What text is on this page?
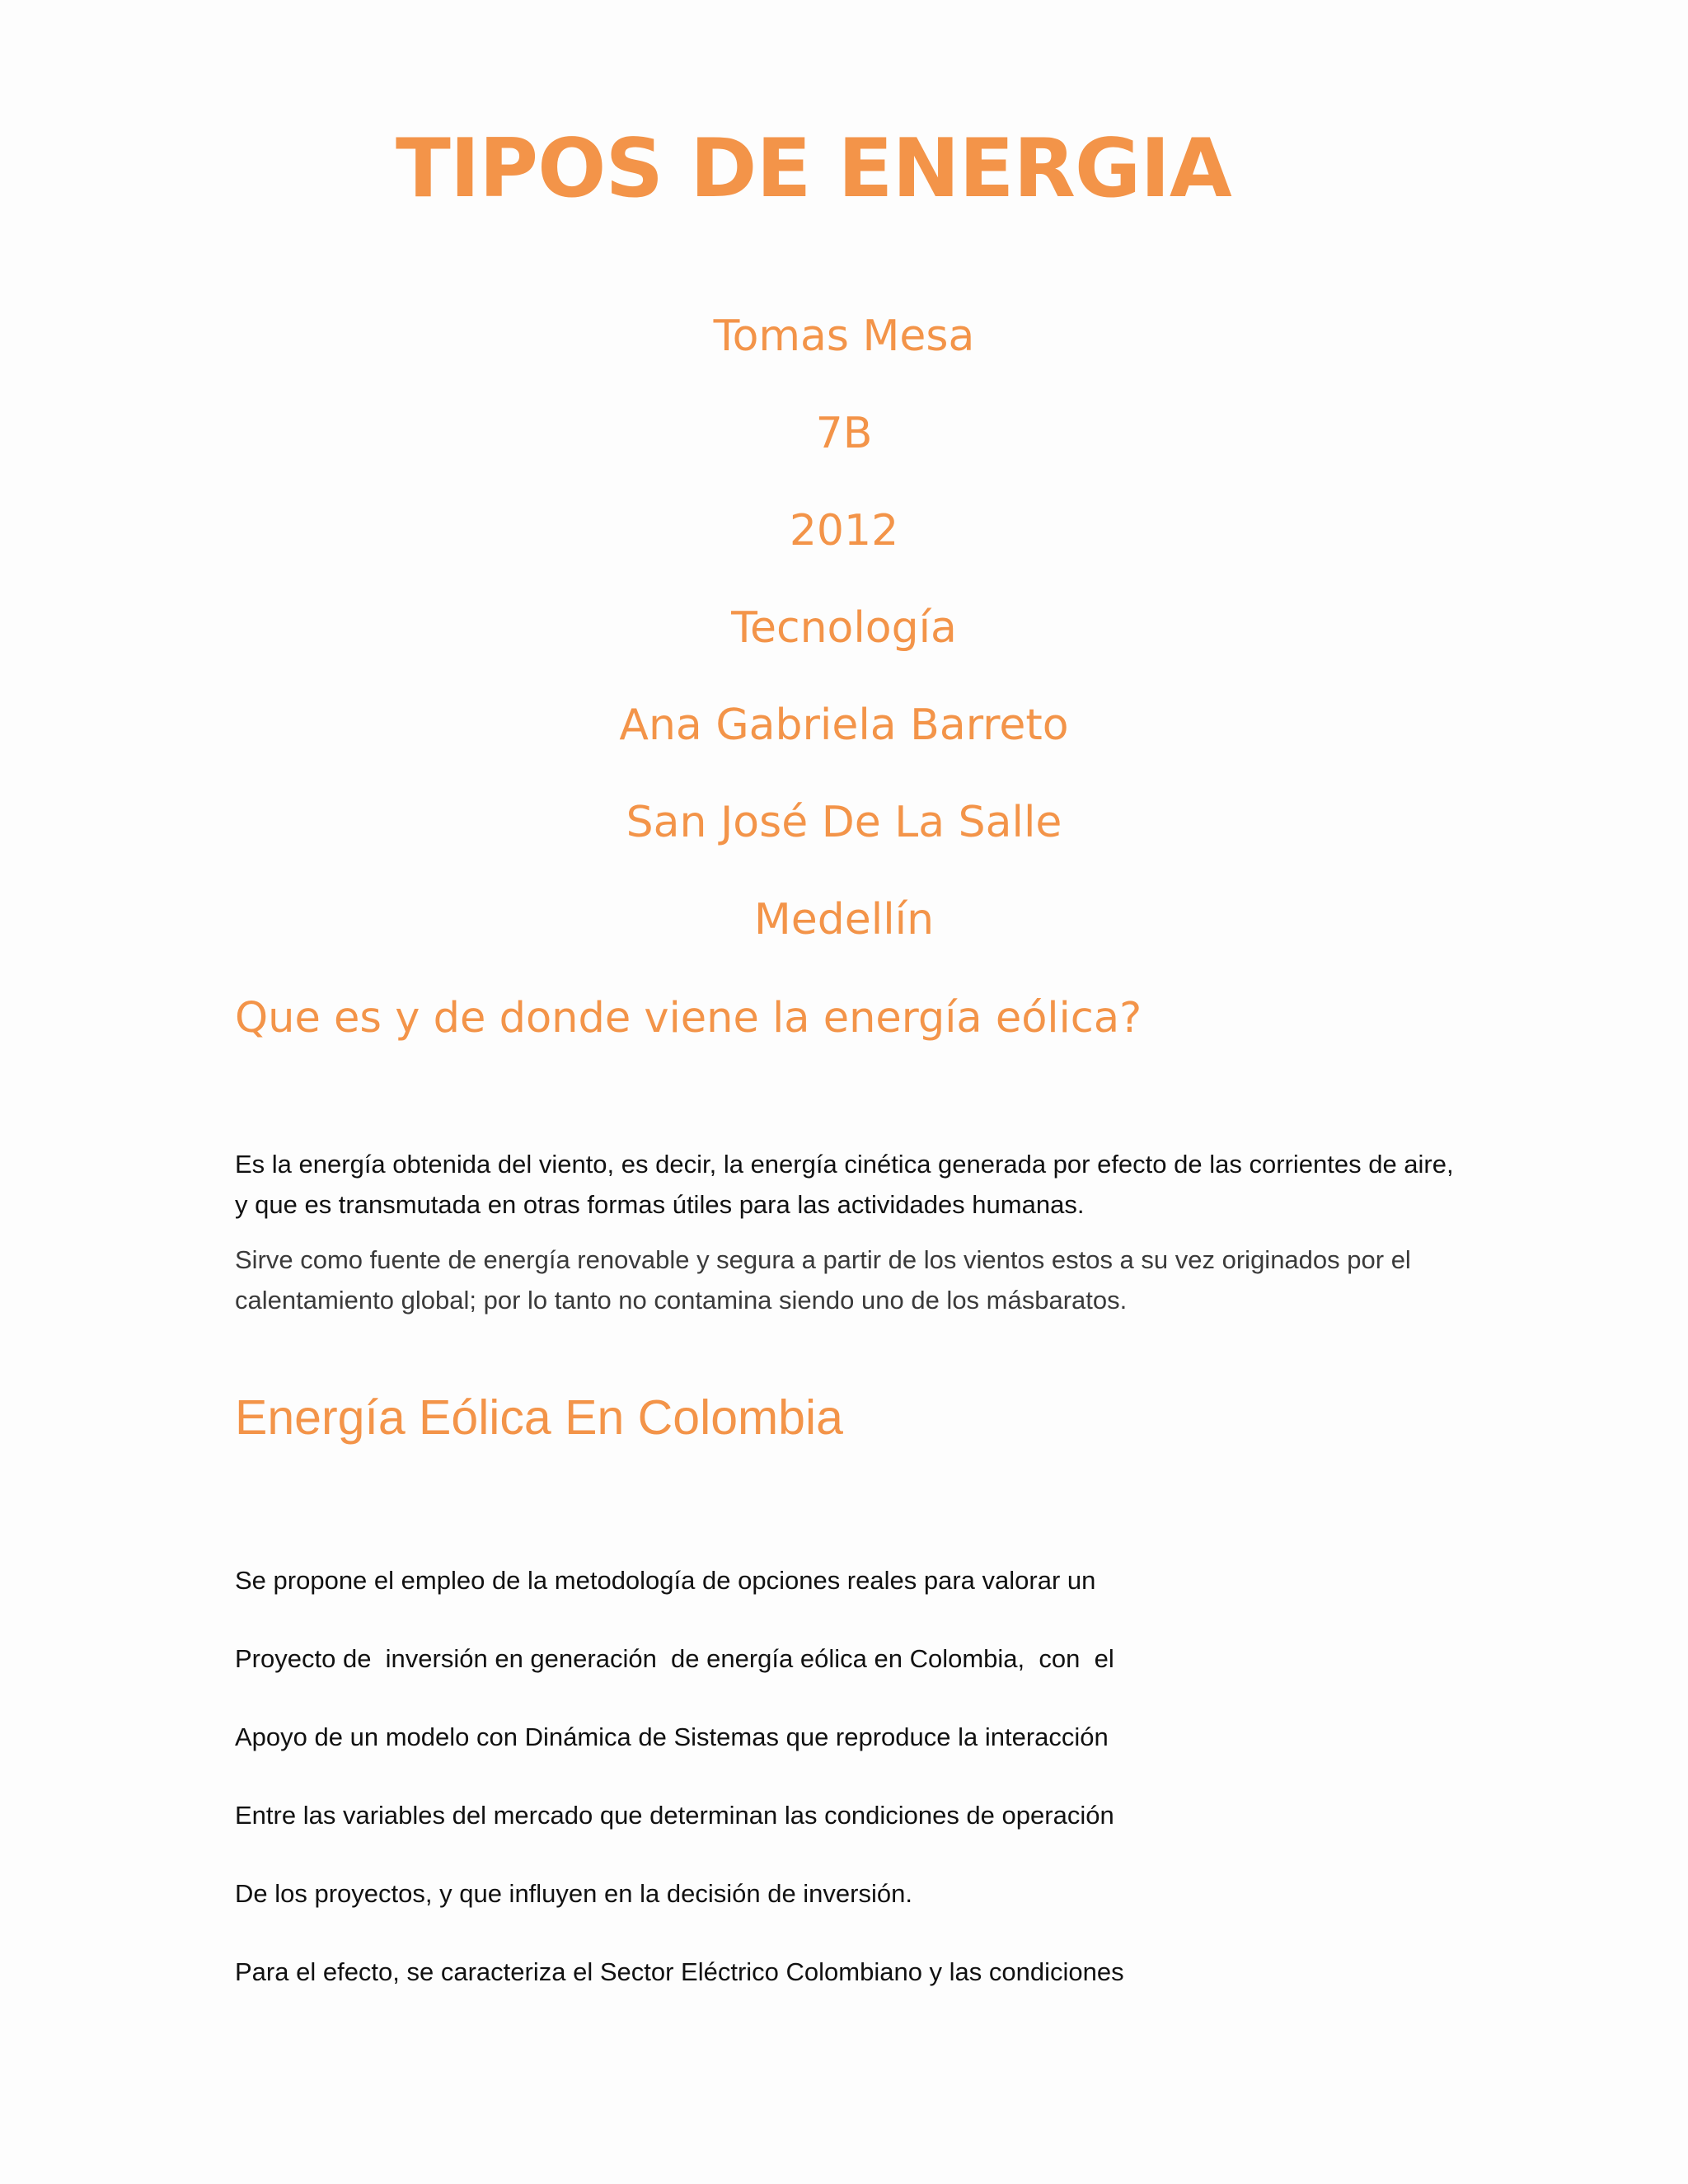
TIPOS DE ENERGIA
Tomas Mesa
7B
2012
Tecnología
Ana Gabriela Barreto
San José De La Salle
Medellín
Que es y de donde viene la energía eólica?

Es la energía obtenida del viento, es decir, la energía cinética generada por efecto de las corrientes de aire, y que es transmutada en otras formas útiles para las actividades humanas.

Sirve como fuente de energía renovable y segura a partir de los vientos estos a su vez originados por el calentamiento global; por lo tanto no contamina siendo uno de los másbaratos.

Energía Eólica En Colombia
Se propone el empleo de la metodología de opciones reales para valorar un
Proyecto de  inversión en generación  de energía eólica en Colombia,  con  el
Apoyo de un modelo con Dinámica de Sistemas que reproduce la interacción
Entre las variables del mercado que determinan las condiciones de operación
De los proyectos, y que influyen en la decisión de inversión.
Para el efecto, se caracteriza el Sector Eléctrico Colombiano y las condiciones
